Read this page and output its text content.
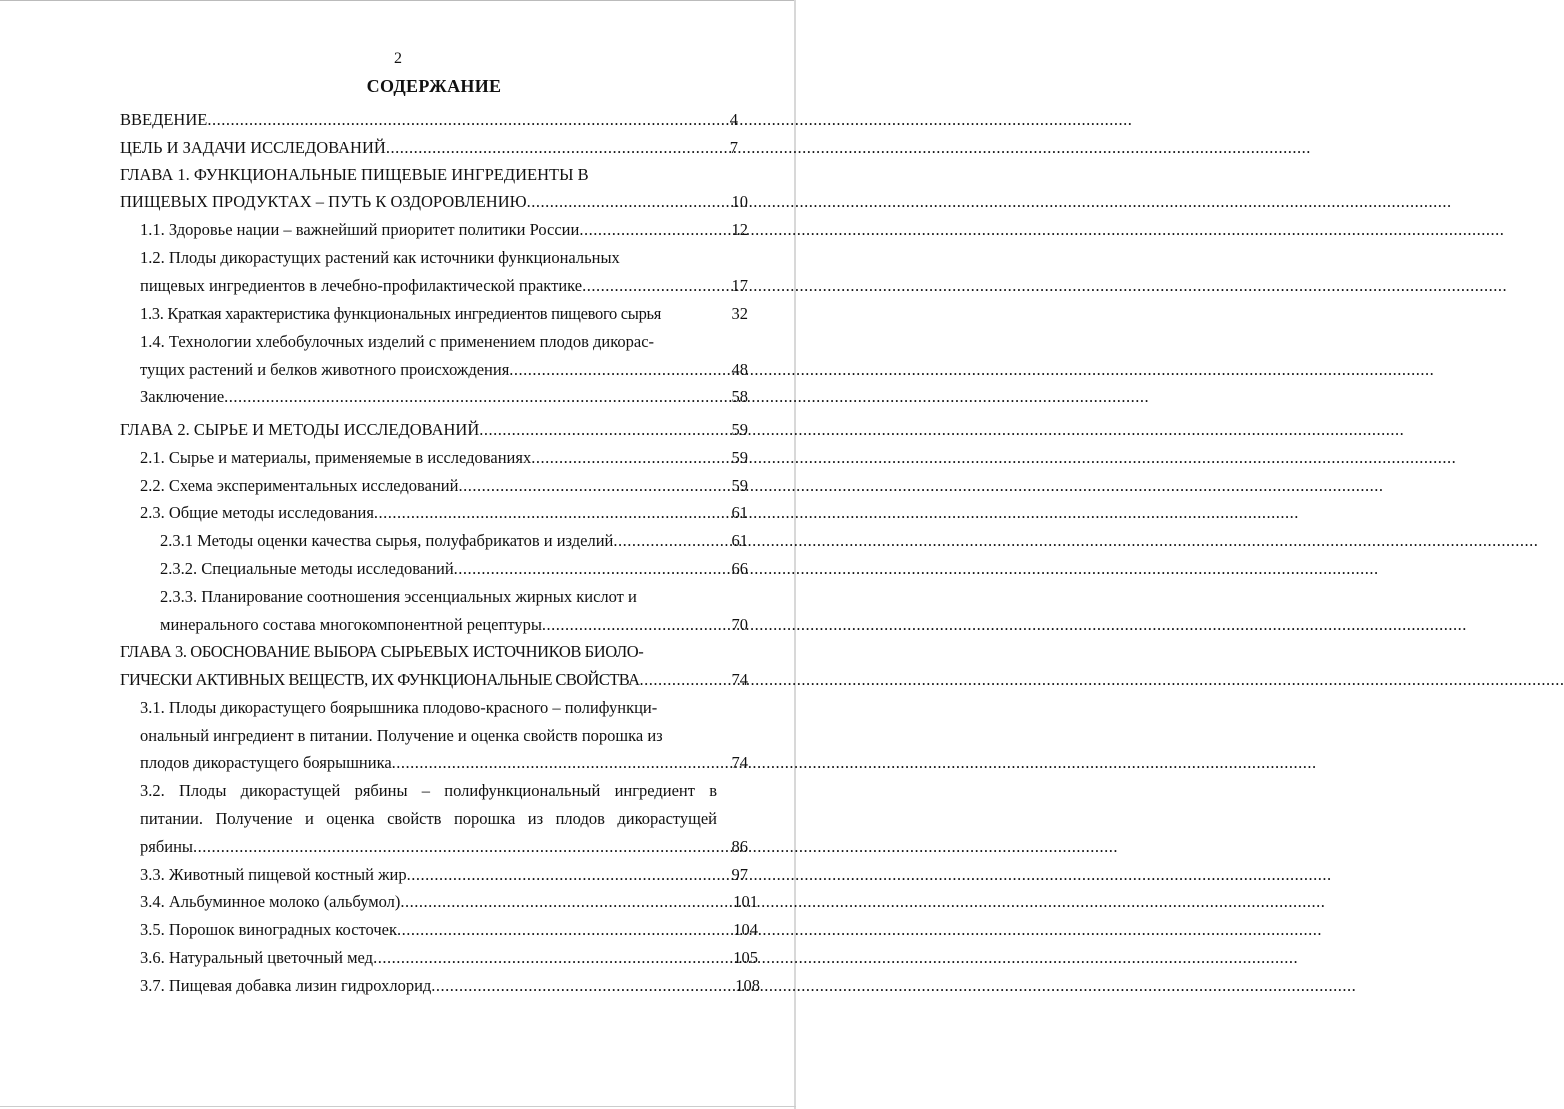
2
СОДЕРЖАНИЕ
ВВЕДЕНИЕ .....	4
ЦЕЛЬ И ЗАДАЧИ ИССЛЕДОВАНИЙ .....	7
ГЛАВА 1. ФУНКЦИОНАЛЬНЫЕ ПИЩЕВЫЕ ИНГРЕДИЕНТЫ В
ПИЩЕВЫХ ПРОДУКТАХ – ПУТЬ К ОЗДОРОВЛЕНИЮ .....	10
1.1. Здоровье нации – важнейший приоритет политики России .....	12
1.2. Плоды дикорастущих растений как источники функциональных
пищевых ингредиентов в лечебно-профилактической практике .....	17
1.3. Краткая характеристика функциональных ингредиентов пищевого сырья	32
1.4. Технологии хлебобулочных изделий с применением плодов дикорас-
тущих растений и белков животного происхождения .....	48
Заключение .....	58
ГЛАВА 2. СЫРЬЕ И МЕТОДЫ ИССЛЕДОВАНИЙ .....	59
2.1. Сырье и материалы, применяемые в исследованиях .....	59
2.2. Схема экспериментальных исследований .....	59
2.3. Общие методы исследования .....	61
2.3.1 Методы оценки качества сырья, полуфабрикатов и изделий .....	61
2.3.2. Специальные методы исследований .....	66
2.3.3. Планирование соотношения эссенциальных жирных кислот и
минерального состава многокомпонентной рецептуры .....	70
ГЛАВА 3. ОБОСНОВАНИЕ ВЫБОРА СЫРЬЕВЫХ ИСТОЧНИКОВ БИОЛО-
ГИЧЕСКИ АКТИВНЫХ ВЕЩЕСТВ, ИХ ФУНКЦИОНАЛЬНЫЕ СВОЙСТВА .....	74
3.1. Плоды дикорастущего боярышника плодово-красного – полифункци-
ональный ингредиент в питании. Получение и оценка свойств порошка из
плодов дикорастущего боярышника .....	74
3.2. Плоды дикорастущей рябины – полифункциональный ингредиент в
питании. Получение и оценка свойств порошка из плодов дикорастущей
рябины .....	86
3.3. Животный пищевой костный жир .....	97
3.4. Альбуминное молоко (альбумол) .....	101
3.5. Порошок виноградных косточек .....	104
3.6. Натуральный цветочный мед .....	105
3.7. Пищевая добавка лизин гидрохлорид .....	108
